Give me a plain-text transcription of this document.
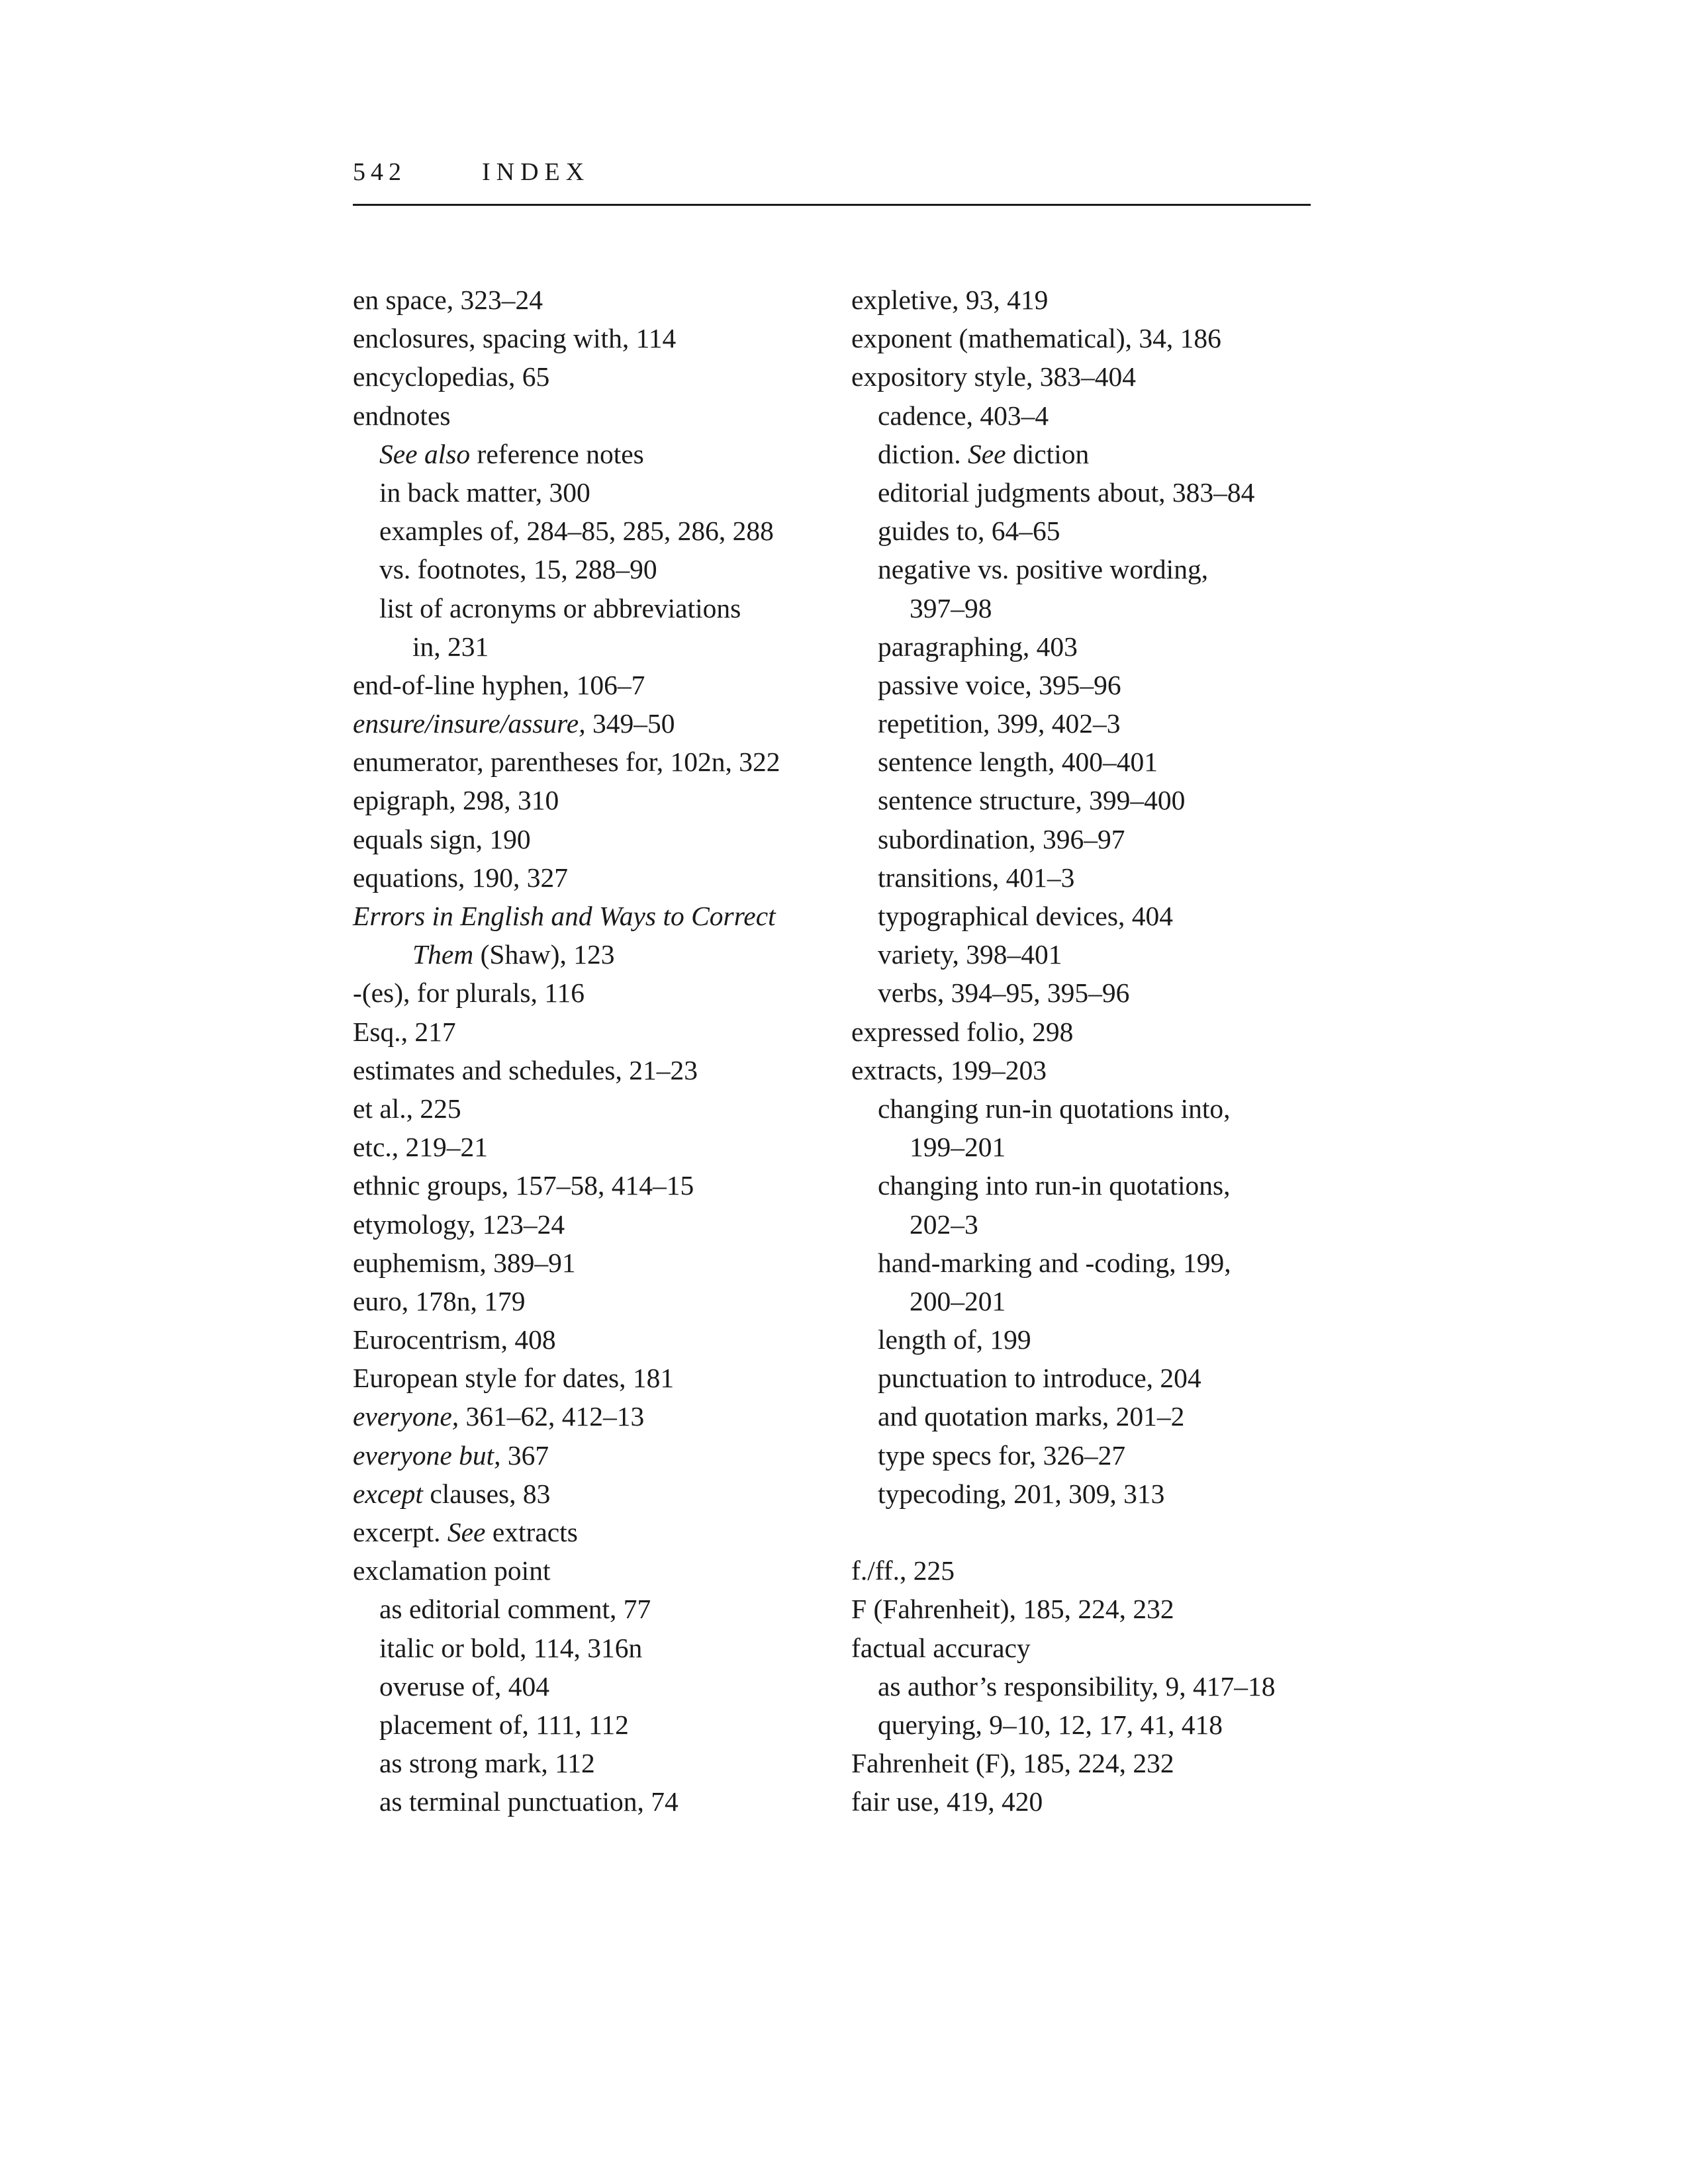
542	INDEX
en space, 323–24
enclosures, spacing with, 114
encyclopedias, 65
endnotes
See also reference notes
in back matter, 300
examples of, 284–85, 285, 286, 288
vs. footnotes, 15, 288–90
list of acronyms or abbreviations
in, 231
end-of-line hyphen, 106–7
ensure/insure/assure, 349–50
enumerator, parentheses for, 102n, 322
epigraph, 298, 310
equals sign, 190
equations, 190, 327
Errors in English and Ways to Correct
Them (Shaw), 123
-(es), for plurals, 116
Esq., 217
estimates and schedules, 21–23
et al., 225
etc., 219–21
ethnic groups, 157–58, 414–15
etymology, 123–24
euphemism, 389–91
euro, 178n, 179
Eurocentrism, 408
European style for dates, 181
everyone, 361–62, 412–13
everyone but, 367
except clauses, 83
excerpt. See extracts
exclamation point
as editorial comment, 77
italic or bold, 114, 316n
overuse of, 404
placement of, 111, 112
as strong mark, 112
as terminal punctuation, 74
expletive, 93, 419
exponent (mathematical), 34, 186
expository style, 383–404
cadence, 403–4
diction. See diction
editorial judgments about, 383–84
guides to, 64–65
negative vs. positive wording,
397–98
paragraphing, 403
passive voice, 395–96
repetition, 399, 402–3
sentence length, 400–401
sentence structure, 399–400
subordination, 396–97
transitions, 401–3
typographical devices, 404
variety, 398–401
verbs, 394–95, 395–96
expressed folio, 298
extracts, 199–203
changing run-in quotations into,
199–201
changing into run-in quotations,
202–3
hand-marking and -coding, 199,
200–201
length of, 199
punctuation to introduce, 204
and quotation marks, 201–2
type specs for, 326–27
typecoding, 201, 309, 313
f./ff., 225
F (Fahrenheit), 185, 224, 232
factual accuracy
as author’s responsibility, 9, 417–18
querying, 9–10, 12, 17, 41, 418
Fahrenheit (F), 185, 224, 232
fair use, 419, 420
